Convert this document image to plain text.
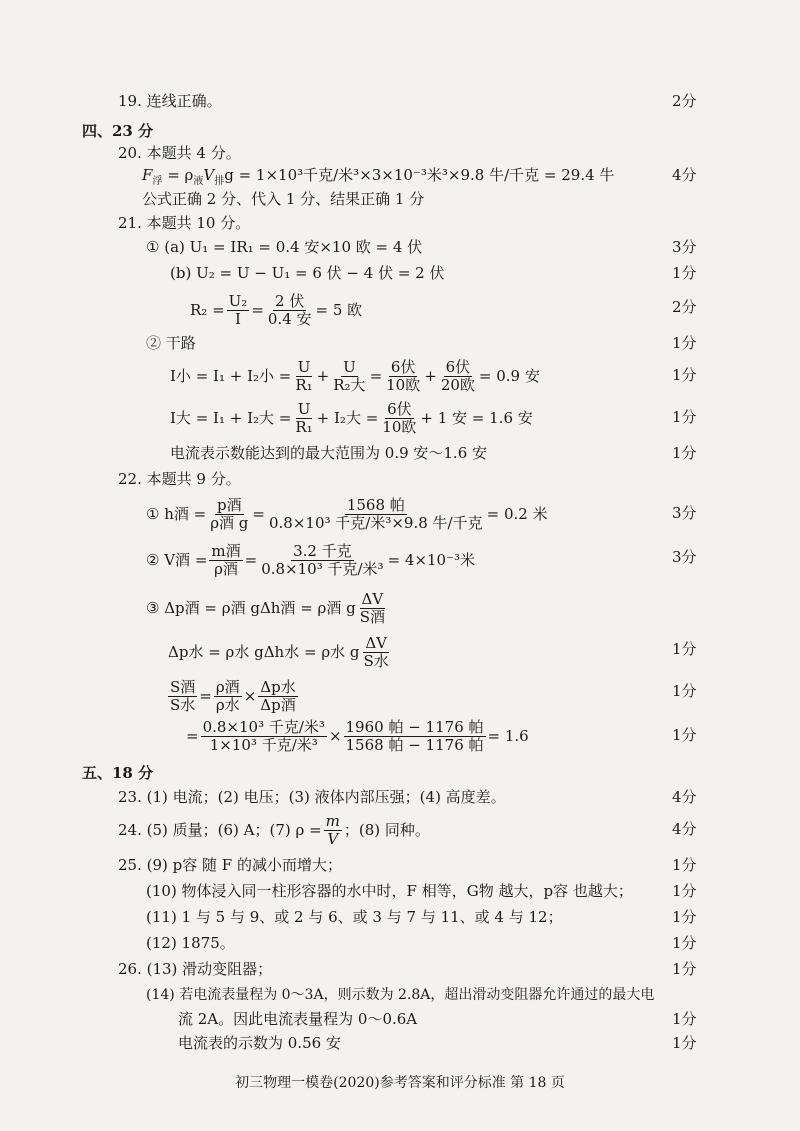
19. 连线正确。	2分
四、23 分
20. 本题共 4 分。
$F_浮 = \rho_液V_排g = 1\times 10^3$千克/米³×3×10⁻³米³×9.8 牛/千克 = 29.4 牛	4分
公式正确 2 分、代入 1 分、结果正确 1 分
21. 本题共 10 分。
① (a) U₁ = IR₁ = 0.4 安×10 欧 = 4 伏	3分
(b) U₂ = U − U₁ = 6 伏 − 4 伏 = 2 伏	1分
$R_2 = \frac{\text{U₂}}{I} = \frac{\text{2 伏}}{\text{0.4 安}} = 5$ 欧	2分
② 干路	1分
I小 = I₁ + I₂小 = $\frac{U}{\text{R₁}} + \frac{U}{\text{R₂大}} = \frac{\text{6伏}}{\text{10欧}} + \frac{\text{6伏}}{\text{20欧}} = 0.9$ 安	1分
I大 = I₁ + I₂大 = $\frac{U}{\text{R₁}} + I_2$大 = $\frac{\text{6伏}}{\text{10欧}} + 1$ 安 = 1.6 安	1分
电流表示数能达到的最大范围为 0.9 安～1.6 安	1分
22. 本题共 9 分。
① h酒 = $\frac{\text{p酒}}{\text{ρ酒 g}} = \frac{\text{1568 帕}}{\text{0.8×10³ 千克/米³×9.8 牛/千克}} = 0.2$ 米	3分
② V酒 = $\frac{\text{m酒}}{\text{ρ酒}} = \frac{\text{3.2 千克}}{\text{0.8×10³ 千克/米³}} = 4\times 10^{-3}$米	3分
③ Δp酒 = ρ酒 gΔh酒 = ρ酒 g $\frac{\Delta V}{\text{S酒}}$
Δp水 = ρ水 gΔh水 = ρ水 g $\frac{\Delta V}{\text{S水}}$	1分
$\frac{\text{S酒}}{\text{S水}} = \frac{\text{ρ酒}}{\text{ρ水}} \times \frac{\text{Δp水}}{\text{Δp酒}}$	1分
= $\frac{\text{0.8×10³ 千克/米³}}{\text{1×10³ 千克/米³}} \times \frac{\text{1960 帕 − 1176 帕}}{\text{1568 帕 − 1176 帕}} = 1.6$	1分
五、18 分
23. (1) 电流；(2) 电压；(3) 液体内部压强；(4) 高度差。	4分
24. (5) 质量；(6) A；(7) $\rho = \frac{m}{V}$ ；(8) 同种。	4分
25. (9) p容 随 F 的减小而增大；	1分
(10) 物体浸入同一柱形容器的水中时，F 相等，G物 越大，p容 也越大；	1分
(11) 1 与 5 与 9、或 2 与 6、或 3 与 7 与 11、或 4 与 12；	1分
(12) 1875。	1分
26. (13) 滑动变阻器；	1分
(14) 若电流表量程为 0～3A，则示数为 2.8A，超出滑动变阻器允许通过的最大电
流 2A。因此电流表量程为 0～0.6A	1分
电流表的示数为 0.56 安	1分
初三物理一模卷(2020)参考答案和评分标准 第 18 页
